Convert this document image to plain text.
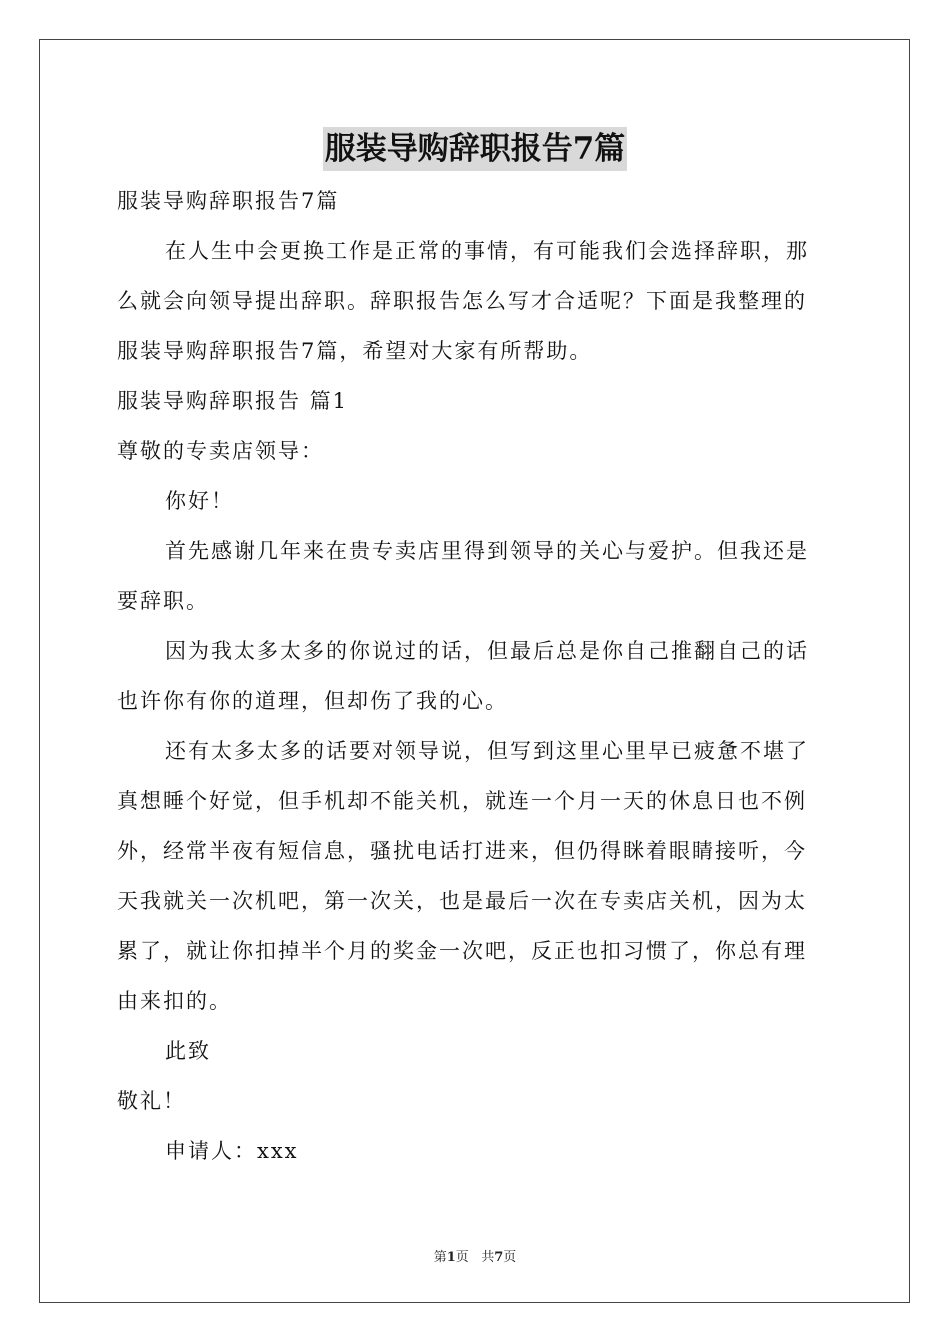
服装导购辞职报告7篇
服装导购辞职报告7篇
在人生中会更换工作是正常的事情，有可能我们会选择辞职，那
么就会向领导提出辞职。辞职报告怎么写才合适呢？下面是我整理的
服装导购辞职报告7篇，希望对大家有所帮助。
服装导购辞职报告 篇1
尊敬的专卖店领导：
你好！
首先感谢几年来在贵专卖店里得到领导的关心与爱护。但我还是
要辞职。
因为我太多太多的你说过的话，但最后总是你自己推翻自己的话
也许你有你的道理，但却伤了我的心。
还有太多太多的话要对领导说，但写到这里心里早已疲惫不堪了
真想睡个好觉，但手机却不能关机，就连一个月一天的休息日也不例
外，经常半夜有短信息，骚扰电话打进来，但仍得眯着眼睛接听，今
天我就关一次机吧，第一次关，也是最后一次在专卖店关机，因为太
累了，就让你扣掉半个月的奖金一次吧，反正也扣习惯了，你总有理
由来扣的。
此致
敬礼！
申请人：xxx
第1页 共7页
